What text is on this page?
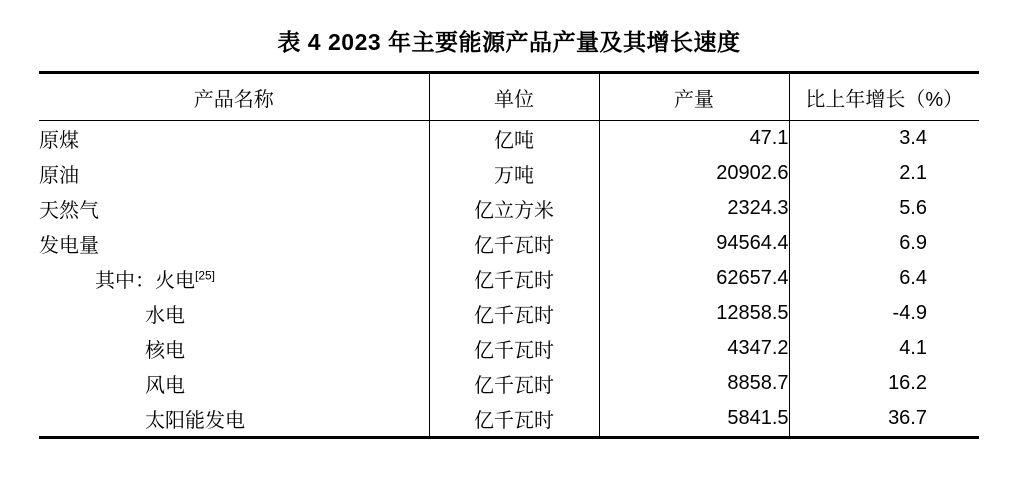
表 4 2023 年主要能源产品产量及其增长速度
产品名称	单位	产量	比上年增长（%）
原煤	亿吨	47.1	3.4
原油	万吨	20902.6	2.1
天然气	亿立方米	2324.3	5.6
发电量	亿千瓦时	94564.4	6.9
其中：火电[25]	亿千瓦时	62657.4	6.4
水电	亿千瓦时	12858.5	-4.9
核电	亿千瓦时	4347.2	4.1
风电	亿千瓦时	8858.7	16.2
太阳能发电	亿千瓦时	5841.5	36.7
